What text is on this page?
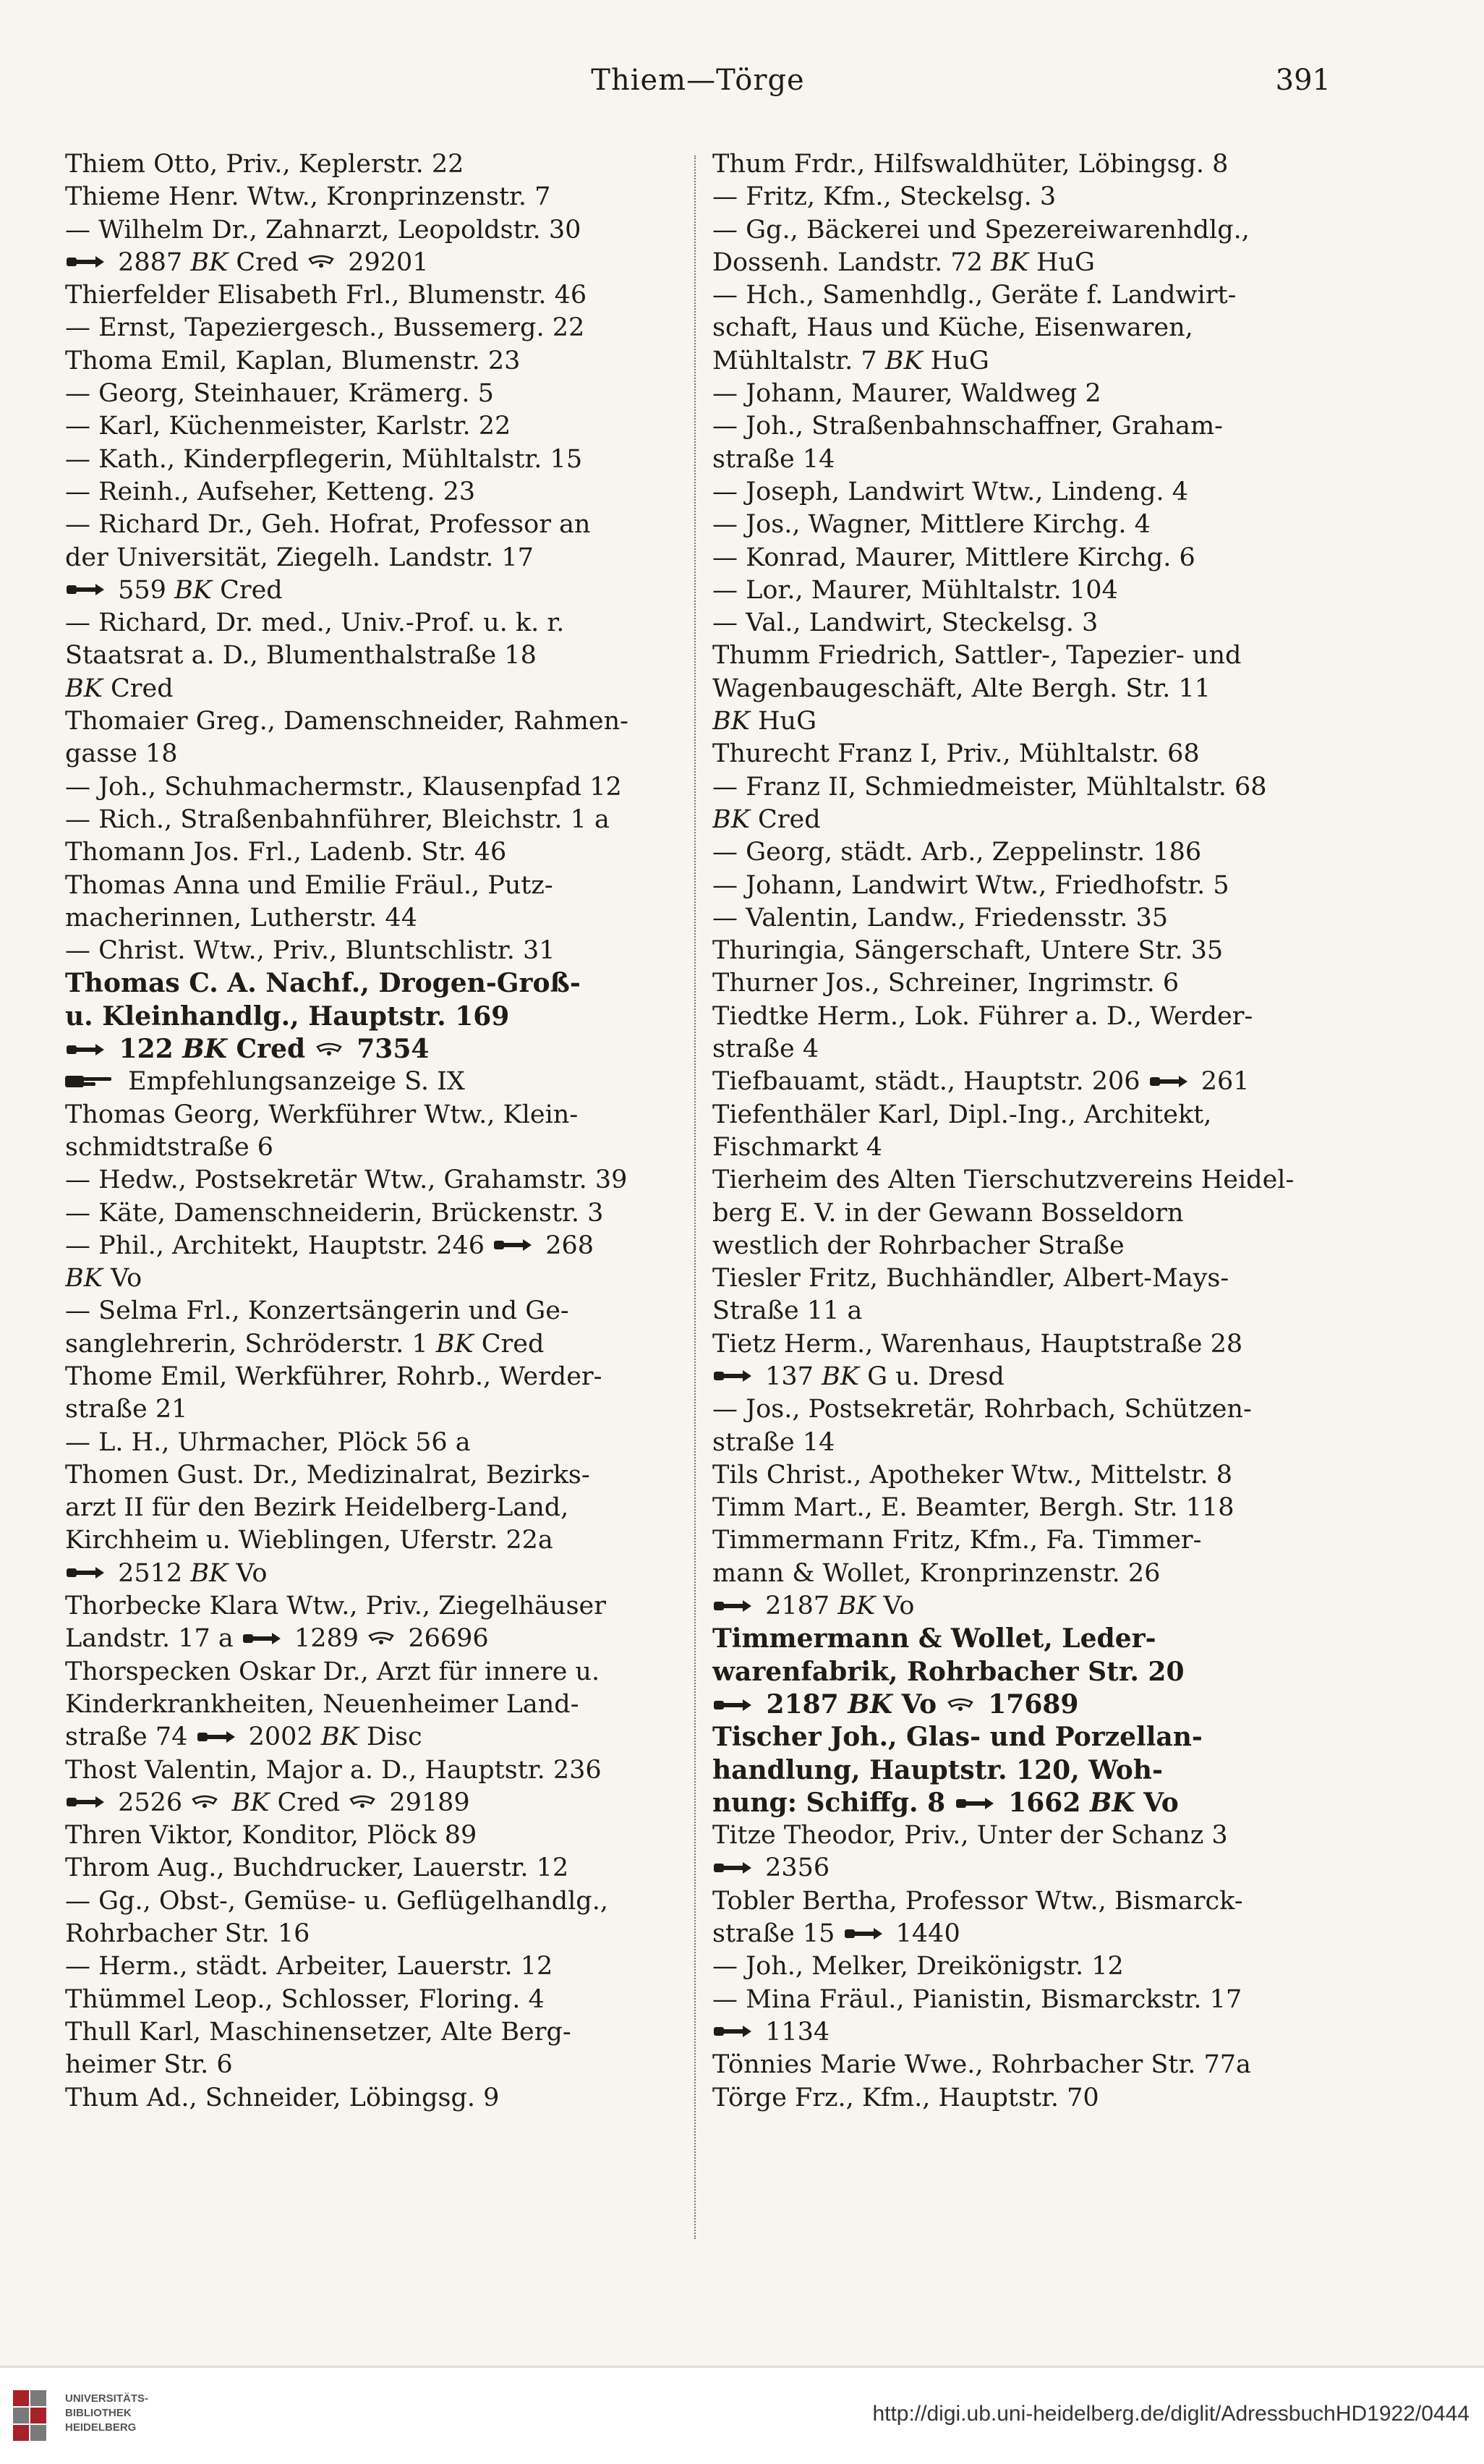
Thiem—Törge	391
Thiem Otto, Priv., Keplerstr. 22
Thieme Henr. Wtw., Kronprinzenstr. 7
— Wilhelm Dr., Zahnarzt, Leopoldstr. 30
2887 BK Cred  29201
Thierfelder Elisabeth Frl., Blumenstr. 46
— Ernst, Tapeziergesch., Bussemerg. 22
Thoma Emil, Kaplan, Blumenstr. 23
— Georg, Steinhauer, Krämerg. 5
— Karl, Küchenmeister, Karlstr. 22
— Kath., Kinderpflegerin, Mühltalstr. 15
— Reinh., Aufseher, Ketteng. 23
— Richard Dr., Geh. Hofrat, Professor an
der Universität, Ziegelh. Landstr. 17
559 BK Cred
— Richard, Dr. med., Univ.-Prof. u. k. r.
Staatsrat a. D., Blumenthalstraße 18
BK Cred
Thomaier Greg., Damenschneider, Rahmen-
gasse 18
— Joh., Schuhmachermstr., Klausenpfad 12
— Rich., Straßenbahnführer, Bleichstr. 1 a
Thomann Jos. Frl., Ladenb. Str. 46
Thomas Anna und Emilie Fräul., Putz-
macherinnen, Lutherstr. 44
— Christ. Wtw., Priv., Bluntschlistr. 31
Thomas C. A. Nachf., Drogen-Groß-
u. Kleinhandlg., Hauptstr. 169
122 BK Cred  7354
Empfehlungsanzeige S. IX
Thomas Georg, Werkführer Wtw., Klein-
schmidtstraße 6
— Hedw., Postsekretär Wtw., Grahamstr. 39
— Käte, Damenschneiderin, Brückenstr. 3
— Phil., Architekt, Hauptstr. 246  268
BK Vo
— Selma Frl., Konzertsängerin und Ge-
sanglehrerin, Schröderstr. 1 BK Cred
Thome Emil, Werkführer, Rohrb., Werder-
straße 21
— L. H., Uhrmacher, Plöck 56 a
Thomen Gust. Dr., Medizinalrat, Bezirks-
arzt II für den Bezirk Heidelberg-Land,
Kirchheim u. Wieblingen, Uferstr. 22a
2512 BK Vo
Thorbecke Klara Wtw., Priv., Ziegelhäuser
Landstr. 17 a  1289  26696
Thorspecken Oskar Dr., Arzt für innere u.
Kinderkrankheiten, Neuenheimer Land-
straße 74  2002 BK Disc
Thost Valentin, Major a. D., Hauptstr. 236
2526  BK Cred  29189
Thren Viktor, Konditor, Plöck 89
Throm Aug., Buchdrucker, Lauerstr. 12
— Gg., Obst-, Gemüse- u. Geflügelhandlg.,
Rohrbacher Str. 16
— Herm., städt. Arbeiter, Lauerstr. 12
Thümmel Leop., Schlosser, Floring. 4
Thull Karl, Maschinensetzer, Alte Berg-
heimer Str. 6
Thum Ad., Schneider, Löbingsg. 9
Thum Frdr., Hilfswaldhüter, Löbingsg. 8
— Fritz, Kfm., Steckelsg. 3
— Gg., Bäckerei und Spezereiwarenhdlg.,
Dossenh. Landstr. 72 BK HuG
— Hch., Samenhdlg., Geräte f. Landwirt-
schaft, Haus und Küche, Eisenwaren,
Mühltalstr. 7 BK HuG
— Johann, Maurer, Waldweg 2
— Joh., Straßenbahnschaffner, Graham-
straße 14
— Joseph, Landwirt Wtw., Lindeng. 4
— Jos., Wagner, Mittlere Kirchg. 4
— Konrad, Maurer, Mittlere Kirchg. 6
— Lor., Maurer, Mühltalstr. 104
— Val., Landwirt, Steckelsg. 3
Thumm Friedrich, Sattler-, Tapezier- und
Wagenbaugeschäft, Alte Bergh. Str. 11
BK HuG
Thurecht Franz I, Priv., Mühltalstr. 68
— Franz II, Schmiedmeister, Mühltalstr. 68
BK Cred
— Georg, städt. Arb., Zeppelinstr. 186
— Johann, Landwirt Wtw., Friedhofstr. 5
— Valentin, Landw., Friedensstr. 35
Thuringia, Sängerschaft, Untere Str. 35
Thurner Jos., Schreiner, Ingrimstr. 6
Tiedtke Herm., Lok. Führer a. D., Werder-
straße 4
Tiefbauamt, städt., Hauptstr. 206  261
Tiefenthäler Karl, Dipl.-Ing., Architekt,
Fischmarkt 4
Tierheim des Alten Tierschutzvereins Heidel-
berg E. V. in der Gewann Bosseldorn
westlich der Rohrbacher Straße
Tiesler Fritz, Buchhändler, Albert-Mays-
Straße 11 a
Tietz Herm., Warenhaus, Hauptstraße 28
137 BK G u. Dresd
— Jos., Postsekretär, Rohrbach, Schützen-
straße 14
Tils Christ., Apotheker Wtw., Mittelstr. 8
Timm Mart., E. Beamter, Bergh. Str. 118
Timmermann Fritz, Kfm., Fa. Timmer-
mann & Wollet, Kronprinzenstr. 26
2187 BK Vo
Timmermann & Wollet, Leder-
warenfabrik, Rohrbacher Str. 20
2187 BK Vo  17689
Tischer Joh., Glas- und Porzellan-
handlung, Hauptstr. 120, Woh-
nung: Schiffg. 8  1662 BK Vo
Titze Theodor, Priv., Unter der Schanz 3
2356
Tobler Bertha, Professor Wtw., Bismarck-
straße 15  1440
— Joh., Melker, Dreikönigstr. 12
— Mina Fräul., Pianistin, Bismarckstr. 17
1134
Tönnies Marie Wwe., Rohrbacher Str. 77a
Törge Frz., Kfm., Hauptstr. 70
UNIVERSITÄTS-
BIBLIOTHEK
HEIDELBERG
http://digi.ub.uni-heidelberg.de/diglit/AdressbuchHD1922/0444
